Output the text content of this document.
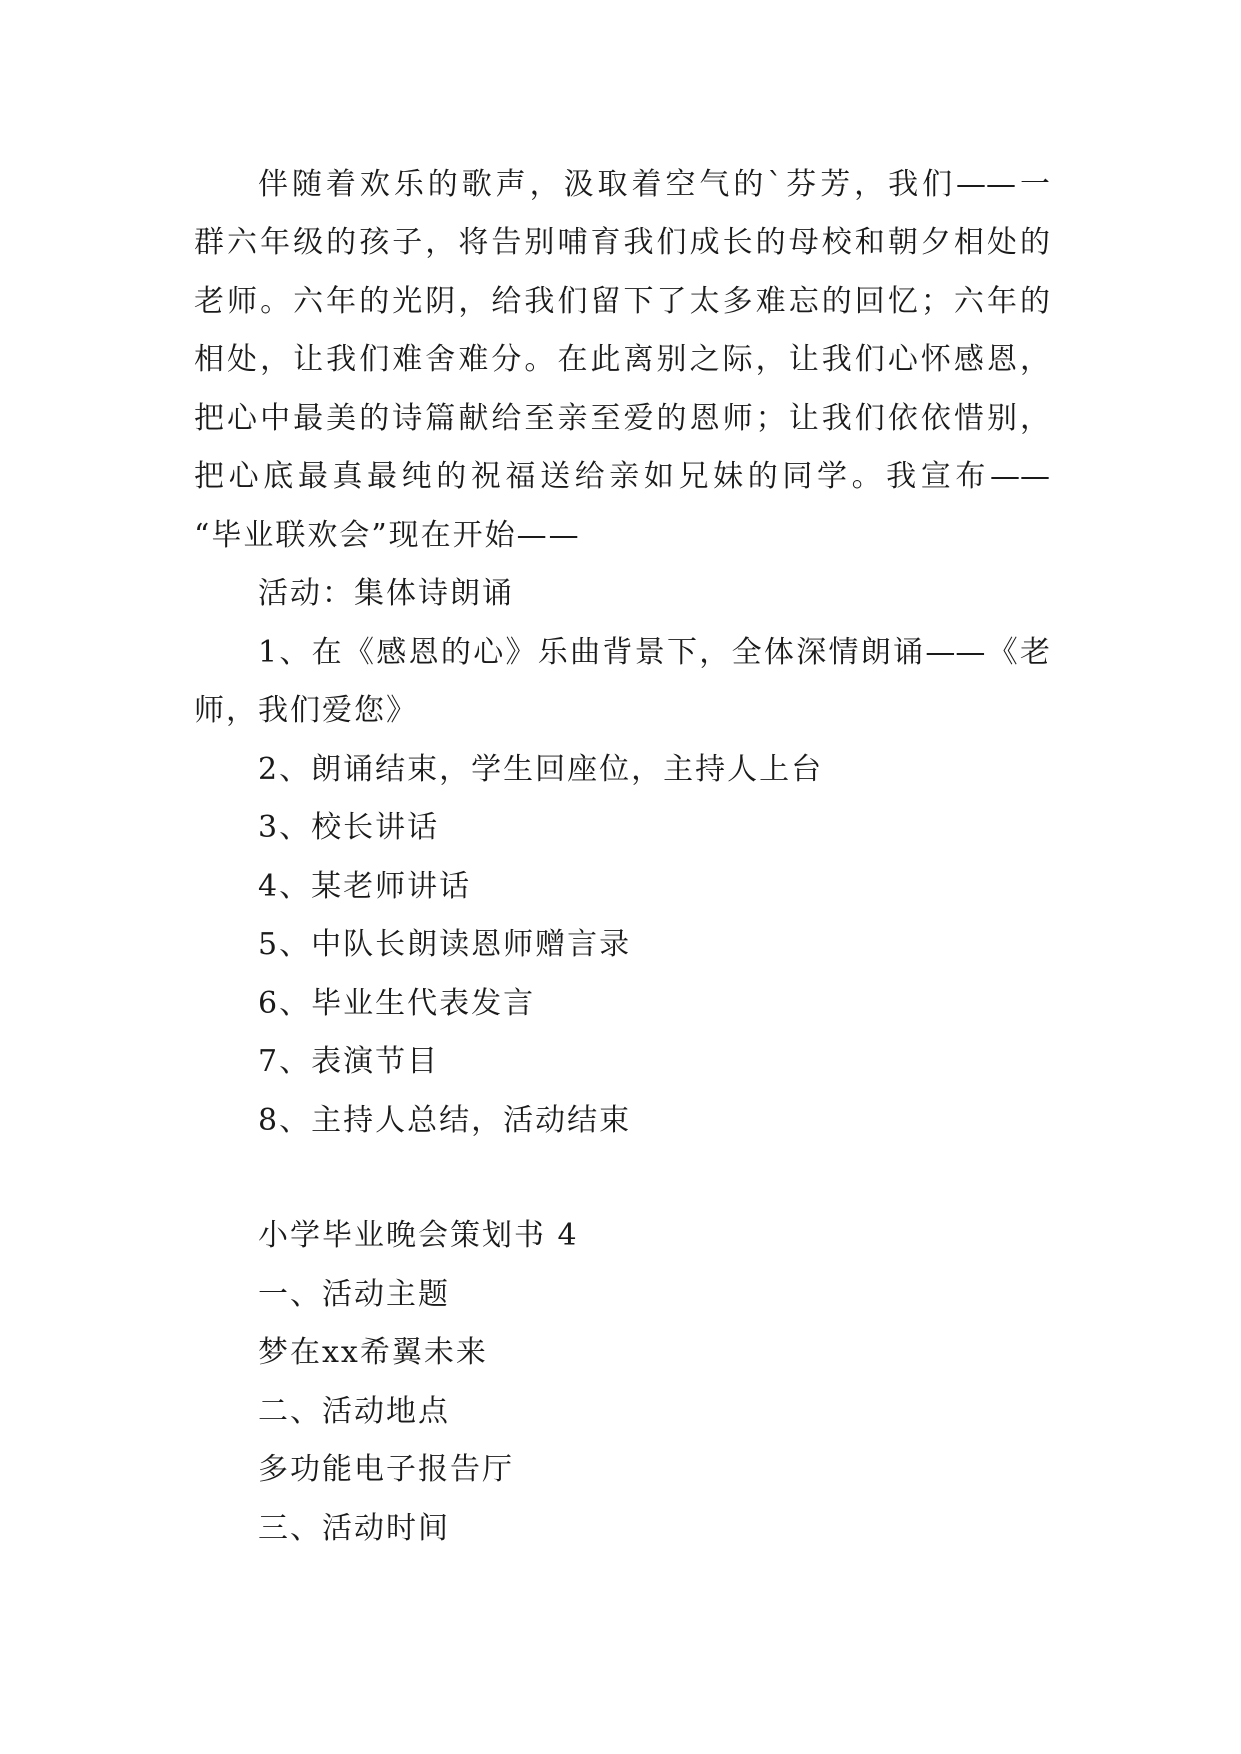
伴随着欢乐的歌声，汲取着空气的`芬芳，我们——一
群六年级的孩子，将告别哺育我们成长的母校和朝夕相处的
老师。六年的光阴，给我们留下了太多难忘的回忆；六年的
相处，让我们难舍难分。在此离别之际，让我们心怀感恩，
把心中最美的诗篇献给至亲至爱的恩师；让我们依依惜别，
把心底最真最纯的祝福送给亲如兄妹的同学。我宣布——
“毕业联欢会”现在开始——
活动：集体诗朗诵
1、在《感恩的心》乐曲背景下，全体深情朗诵——《老
师，我们爱您》
2、朗诵结束，学生回座位，主持人上台
3、校长讲话
4、某老师讲话
5、中队长朗读恩师赠言录
6、毕业生代表发言
7、表演节目
8、主持人总结，活动结束
小学毕业晚会策划书 4
一、活动主题
梦在xx希翼未来
二、活动地点
多功能电子报告厅
三、活动时间
